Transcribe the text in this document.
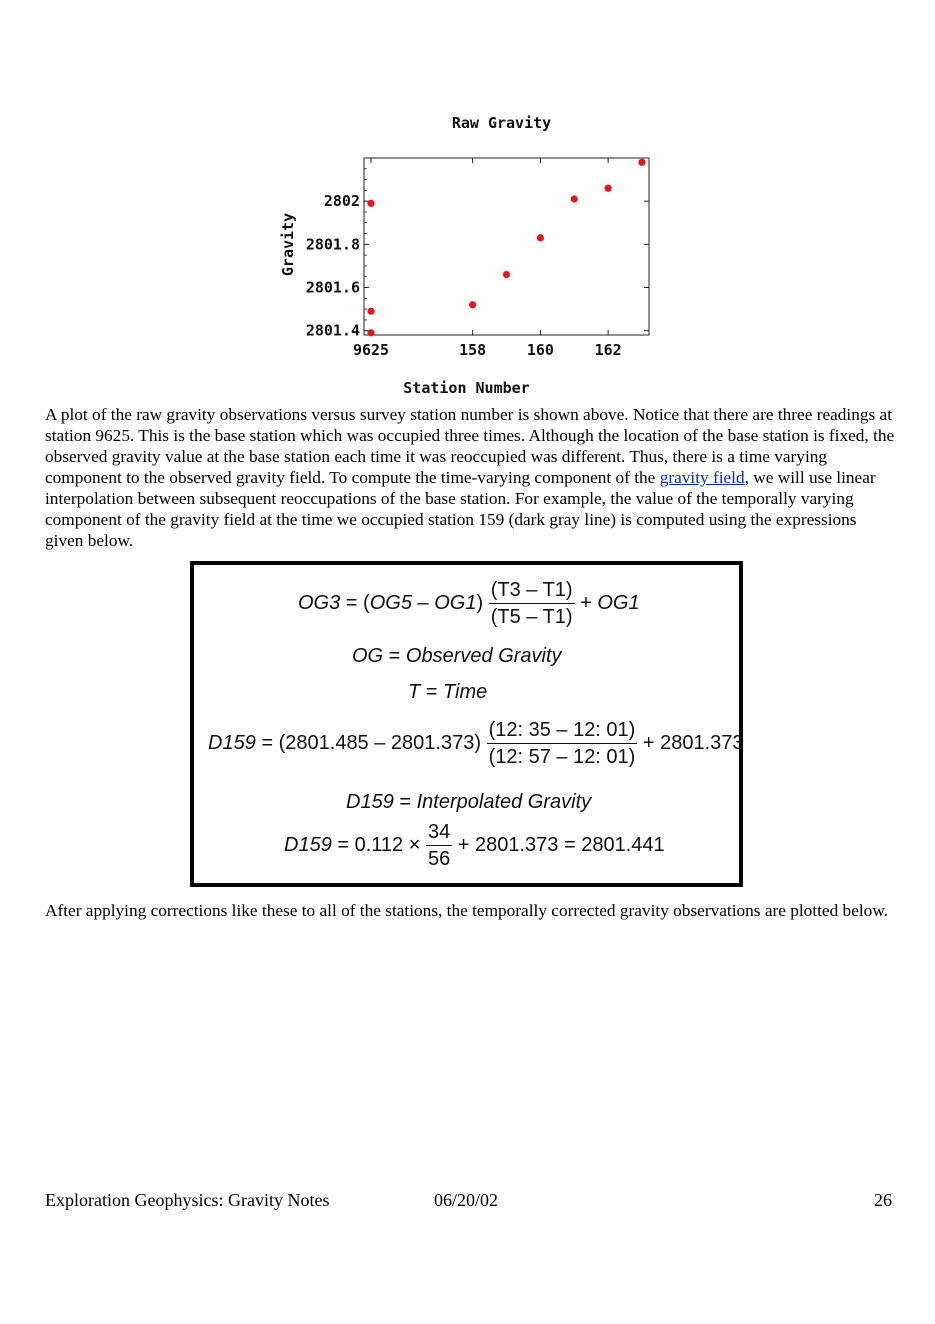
Raw Gravity
Station Number
Gravity
2801.4
2801.6
2801.8
2802
9625	158	160	162

A plot of the raw gravity observations versus survey station number is shown above. Notice that there are three readings at station 9625. This is the base station which was occupied three times. Although the location of the base station is fixed, the observed gravity value at the base station each time it was reoccupied was different. Thus, there is a time varying component to the observed gravity field. To compute the time-varying component of the gravity field, we will use linear interpolation between subsequent reoccupations of the base station. For example, the value of the temporally varying component of the gravity field at the time we occupied station 159 (dark gray line) is computed using the expressions given below.

$OG3 = (OG5 - OG1) \frac{(T3 - T1)}{(T5 - T1)} + OG1$
OG = Observed Gravity
T = Time
$D159 = (2801.485 - 2801.373) \frac{(12: 35 - 12: 01)}{(12: 57 - 12: 01)} + 2801.373$
D159 = Interpolated Gravity
$D159 = 0.112 \times \frac{34}{56} + 2801.373 = 2801.441$

After applying corrections like these to all of the stations, the temporally corrected gravity observations are plotted below.

Exploration Geophysics: Gravity Notes	06/20/02	26
